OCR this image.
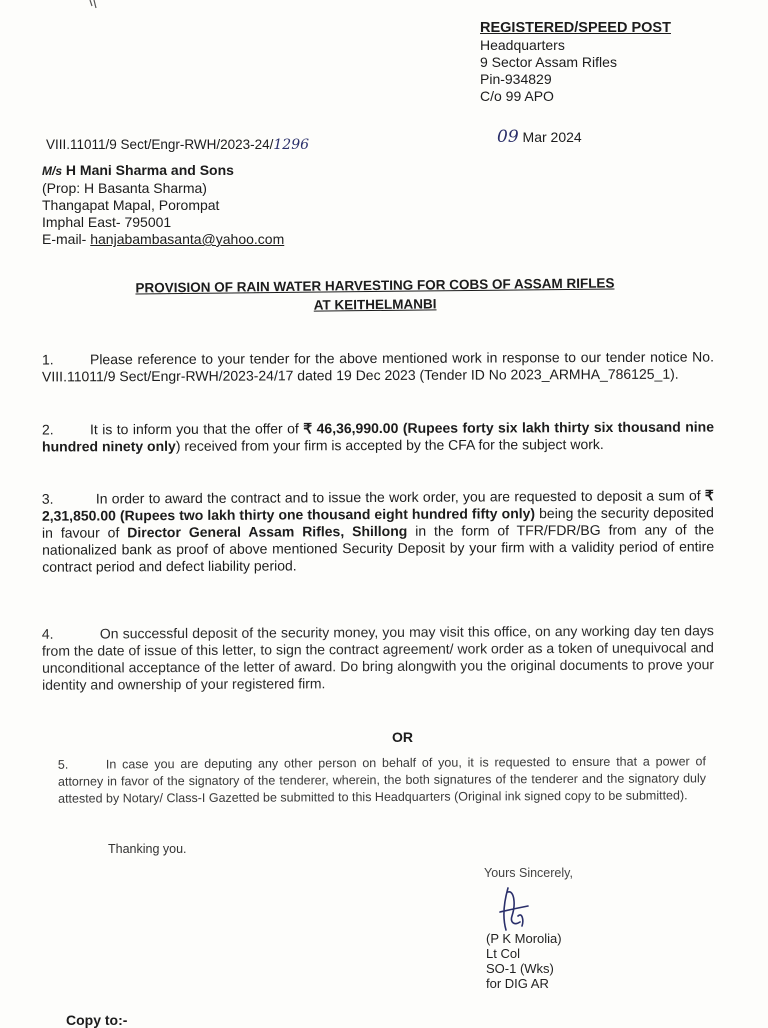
REGISTERED/SPEED POST
Headquarters
9 Sector Assam Rifles
Pin-934829
C/o 99 APO
VIII.11011/9 Sect/Engr-RWH/2023-24/1296	09 Mar 2024
M/s H Mani Sharma and Sons
(Prop: H Basanta Sharma)
Thangapat Mapal, Porompat
Imphal East- 795001
E-mail- hanjabambasanta@yahoo.com
PROVISION OF RAIN WATER HARVESTING FOR COBS OF ASSAM RIFLES
AT KEITHELMANBI
1.	Please reference to your tender for the above mentioned work in response to our tender notice No. VIII.11011/9 Sect/Engr-RWH/2023-24/17 dated 19 Dec 2023 (Tender ID No 2023_ARMHA_786125_1).
2.	It is to inform you that the offer of ₹ 46,36,990.00 (Rupees forty six lakh thirty six thousand nine hundred ninety only) received from your firm is accepted by the CFA for the subject work.
3.	In order to award the contract and to issue the work order, you are requested to deposit a sum of ₹ 2,31,850.00 (Rupees two lakh thirty one thousand eight hundred fifty only) being the security deposited in favour of Director General Assam Rifles, Shillong in the form of TFR/FDR/BG from any of the nationalized bank as proof of above mentioned Security Deposit by your firm with a validity period of entire contract period and defect liability period.
4.	On successful deposit of the security money, you may visit this office, on any working day ten days from the date of issue of this letter, to sign the contract agreement/ work order as a token of unequivocal and unconditional acceptance of the letter of award. Do bring alongwith you the original documents to prove your identity and ownership of your registered firm.
OR
5.	In case you are deputing any other person on behalf of you, it is requested to ensure that a power of attorney in favor of the signatory of the tenderer, wherein, the both signatures of the tenderer and the signatory duly attested by Notary/ Class-I Gazetted be submitted to this Headquarters (Original ink signed copy to be submitted).
Thanking you.
Yours Sincerely,
(P K Morolia)
Lt Col
SO-1 (Wks)
for DIG AR
Copy to:-
